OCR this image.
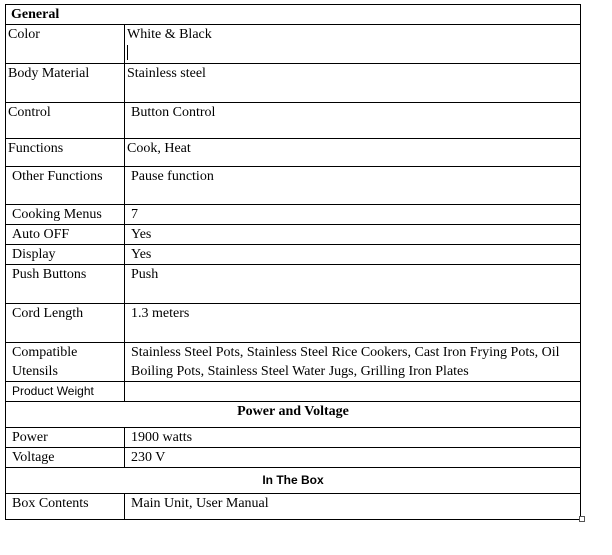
General	
Color	White & Black

Body Material	Stainless steel
Control	Button Control
Functions	Cook, Heat
Other Functions	Pause function
Cooking Menus	7
Auto OFF	Yes
Display	Yes
Push Buttons	Push
Cord Length	1.3 meters
Compatible Utensils	Stainless Steel Pots, Stainless Steel Rice Cookers, Cast Iron Frying Pots, Oil Boiling Pots, Stainless Steel Water Jugs, Grilling Iron Plates
Product Weight	
Power and Voltage	
Power	1900 watts
Voltage	230 V
In The Box	
Box Contents	Main Unit, User Manual
